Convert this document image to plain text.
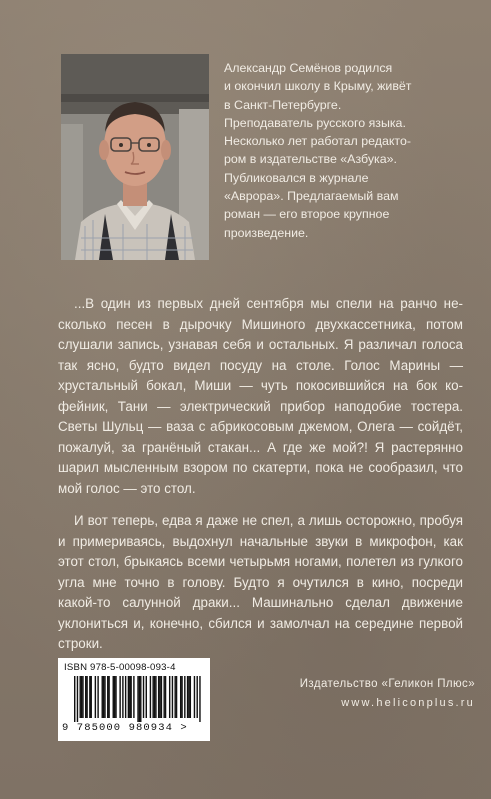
Александр Семёнов родился
и окончил школу в Крыму, живёт
в Санкт-Петербурге.
Преподаватель русского языка.
Несколько лет работал редакто-
ром в издательстве «Азбука».
Публиковался в журнале
«Аврора». Предлагаемый вам
роман — его второе крупное
произведение.

...В один из первых дней сентября мы спели на ранчо несколько песен в дырочку Мишиного двухкассетника, потом слушали запись, узнавая себя и остальных. Я различал голоса так ясно, будто видел посуду на столе. Голос Марины — хрустальный бокал, Миши — чуть покосившийся на бок кофейник, Тани — электрический прибор наподобие тостера. Светы Шульц — ваза с абрикосовым джемом, Олега — сойдёт, пожалуй, за гранёный стакан... А где же мой?! Я растерянно шарил мысленным взором по скатерти, пока не сообразил, что мой голос — это стол.

И вот теперь, едва я даже не спел, а лишь осторожно, пробуя и примериваясь, выдохнул начальные звуки в микрофон, как этот стол, брыкаясь всеми четырьмя ногами, полетел из гулкого угла мне точно в голову. Будто я очутился в кино, посреди какой-то салунной драки... Машинально сделал движение уклониться и, конечно, сбился и замолчал на середине первой строки.

ISBN 978-5-00098-093-4
9 785000 980934 >
Издательство «Геликон Плюс»
www.heliconplus.ru
